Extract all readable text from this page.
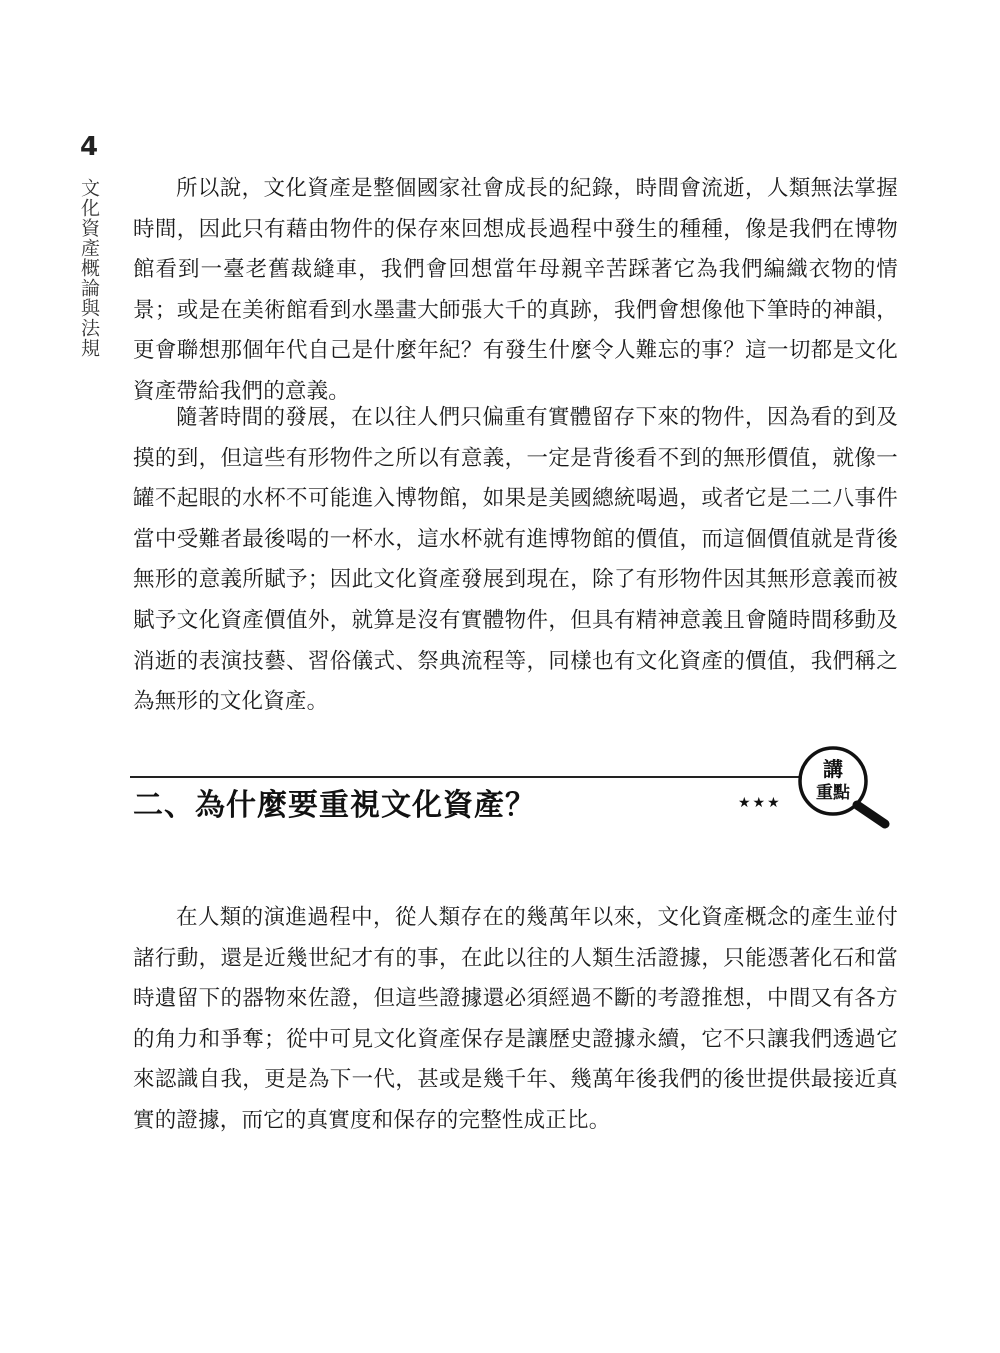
4
文化資產概論與法規	所以說，文化資產是整個國家社會成長的紀錄，時間會流逝，人類無法掌握時間，因此只有藉由物件的保存來回想成長過程中發生的種種，像是我們在博物館看到一臺老舊裁縫車，我們會回想當年母親辛苦踩著它為我們編織衣物的情景；或是在美術館看到水墨畫大師張大千的真跡，我們會想像他下筆時的神韻，更會聯想那個年代自己是什麼年紀？有發生什麼令人難忘的事？這一切都是文化資產帶給我們的意義。

隨著時間的發展，在以往人們只偏重有實體留存下來的物件，因為看的到及摸的到，但這些有形物件之所以有意義，一定是背後看不到的無形價值，就像一罐不起眼的水杯不可能進入博物館，如果是美國總統喝過，或者它是二二八事件當中受難者最後喝的一杯水，這水杯就有進博物館的價值，而這個價值就是背後無形的意義所賦予；因此文化資產發展到現在，除了有形物件因其無形意義而被賦予文化資產價值外，就算是沒有實體物件，但具有精神意義且會隨時間移動及消逝的表演技藝、習俗儀式、祭典流程等，同樣也有文化資產的價值，我們稱之為無形的文化資產。

二、為什麼要重視文化資產？	★★★
講
重點

在人類的演進過程中，從人類存在的幾萬年以來，文化資產概念的產生並付諸行動，還是近幾世紀才有的事，在此以往的人類生活證據，只能憑著化石和當時遺留下的器物來佐證，但這些證據還必須經過不斷的考證推想，中間又有各方的角力和爭奪；從中可見文化資產保存是讓歷史證據永續，它不只讓我們透過它來認識自我，更是為下一代，甚或是幾千年、幾萬年後我們的後世提供最接近真實的證據，而它的真實度和保存的完整性成正比。
